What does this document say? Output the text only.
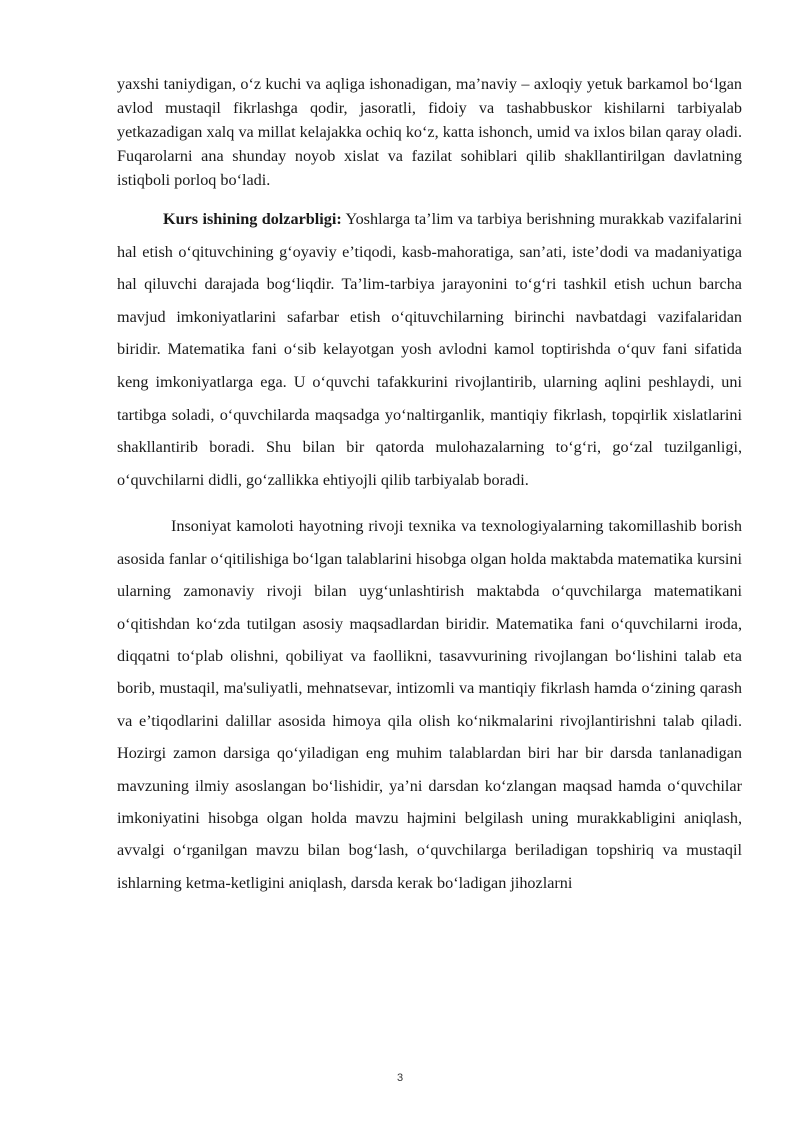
yaxshi taniydigan, o‘z kuchi va aqliga ishonadigan, ma’naviy – axloqiy yetuk barkamol bo‘lgan avlod mustaqil fikrlashga qodir, jasoratli, fidoiy va tashabbuskor kishilarni tarbiyalab yetkazadigan xalq va millat kelajakka ochiq ko‘z, katta ishonch, umid va ixlos bilan qaray oladi. Fuqarolarni ana shunday noyob xislat va fazilat sohiblari qilib shakllantirilgan davlatning istiqboli porloq bo‘ladi.

Kurs ishining dolzarbligi: Yoshlarga ta’lim va tarbiya berishning murakkab vazifalarini hal etish o‘qituvchining g‘oyaviy e’tiqodi, kasb-mahoratiga, san’ati, iste’dodi va madaniyatiga hal qiluvchi darajada bog‘liqdir. Ta’lim-tarbiya jarayonini to‘g‘ri tashkil etish uchun barcha mavjud imkoniyatlarini safarbar etish o‘qituvchilarning birinchi navbatdagi vazifalaridan biridir. Matematika fani o‘sib kelayotgan yosh avlodni kamol toptirishda o‘quv fani sifatida keng imkoniyatlarga ega. U o‘quvchi tafakkurini rivojlantirib, ularning aqlini peshlaydi, uni tartibga soladi, o‘quvchilarda maqsadga yo‘naltirganlik, mantiqiy fikrlash, topqirlik xislatlarini shakllantirib boradi. Shu bilan bir qatorda mulohazalarning to‘g‘ri, go‘zal tuzilganligi, o‘quvchilarni didli, go‘zallikka ehtiyojli qilib tarbiyalab boradi.

Insoniyat kamoloti hayotning rivoji texnika va texnologiyalarning takomillashib borish asosida fanlar o‘qitilishiga bo‘lgan talablarini hisobga olgan holda maktabda matematika kursini ularning zamonaviy rivoji bilan uyg‘unlashtirish maktabda o‘quvchilarga matematikani o‘qitishdan ko‘zda tutilgan asosiy maqsadlardan biridir. Matematika fani o‘quvchilarni iroda, diqqatni to‘plab olishni, qobiliyat va faollikni, tasavvurining rivojlangan bo‘lishini talab eta borib, mustaqil, ma'suliyatli, mehnatsevar, intizomli va mantiqiy fikrlash hamda o‘zining qarash va e’tiqodlarini dalillar asosida himoya qila olish ko‘nikmalarini rivojlantirishni talab qiladi. Hozirgi zamon darsiga qo‘yiladigan eng muhim talablardan biri har bir darsda tanlanadigan mavzuning ilmiy asoslangan bo‘lishidir, ya’ni darsdan ko‘zlangan maqsad hamda o‘quvchilar imkoniyatini hisobga olgan holda mavzu hajmini belgilash uning murakkabligini aniqlash, avvalgi o‘rganilgan mavzu bilan bog‘lash, o‘quvchilarga beriladigan topshiriq va mustaqil ishlarning ketma-ketligini aniqlash, darsda kerak bo‘ladigan jihozlarni

3
